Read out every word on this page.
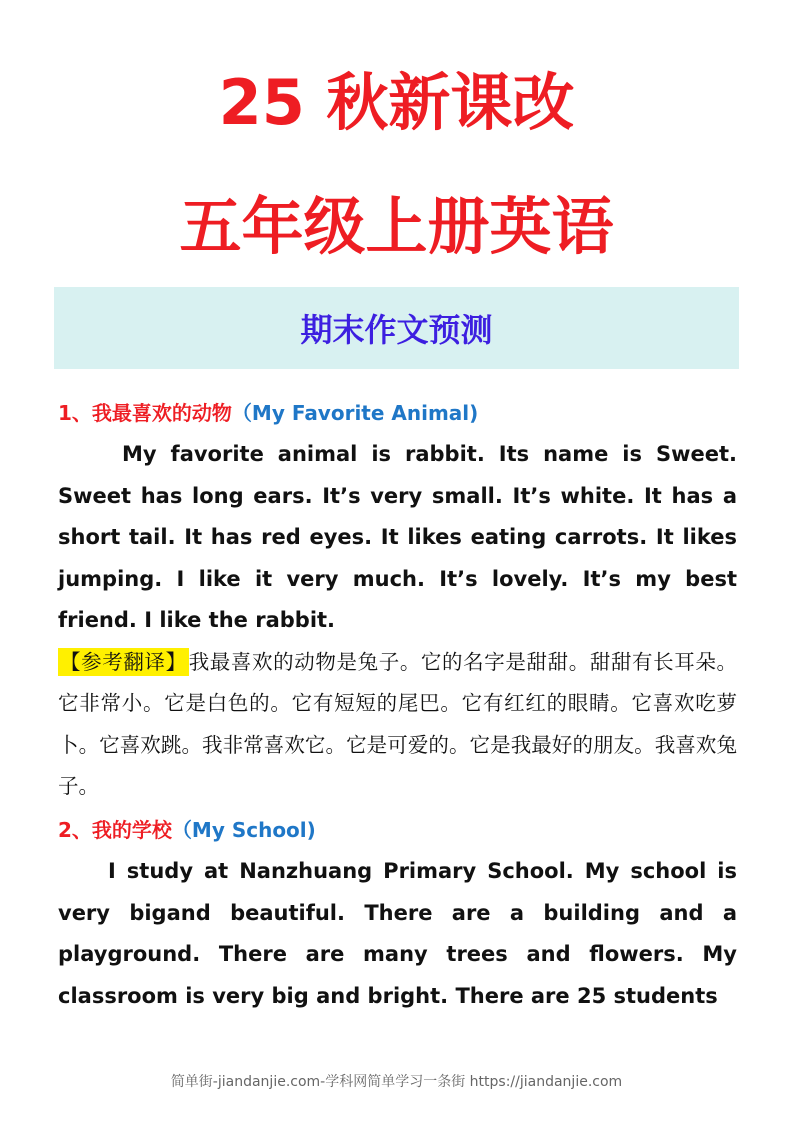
25 秋新课改
五年级上册英语
期末作文预测
1、我最喜欢的动物（My Favorite Animal)
My favorite animal is rabbit. Its name is Sweet. Sweet has long ears. It’s very small. It’s white. It has a short tail. It has red eyes. It likes eating carrots. It likes jumping. I like it very much. It’s lovely. It’s my best friend. I like the rabbit.
【参考翻译】我最喜欢的动物是兔子。它的名字是甜甜。甜甜有长耳朵。它非常小。它是白色的。它有短短的尾巴。它有红红的眼睛。它喜欢吃萝卜。它喜欢跳。我非常喜欢它。它是可爱的。它是我最好的朋友。我喜欢兔子。
2、我的学校（My School)
I study at Nanzhuang Primary School. My school is very bigand beautiful. There are a building and a playground. There are many trees and flowers. My classroom is very big and bright. There are 25 students
简单街-jiandanjie.com-学科网简单学习一条街 https://jiandanjie.com
